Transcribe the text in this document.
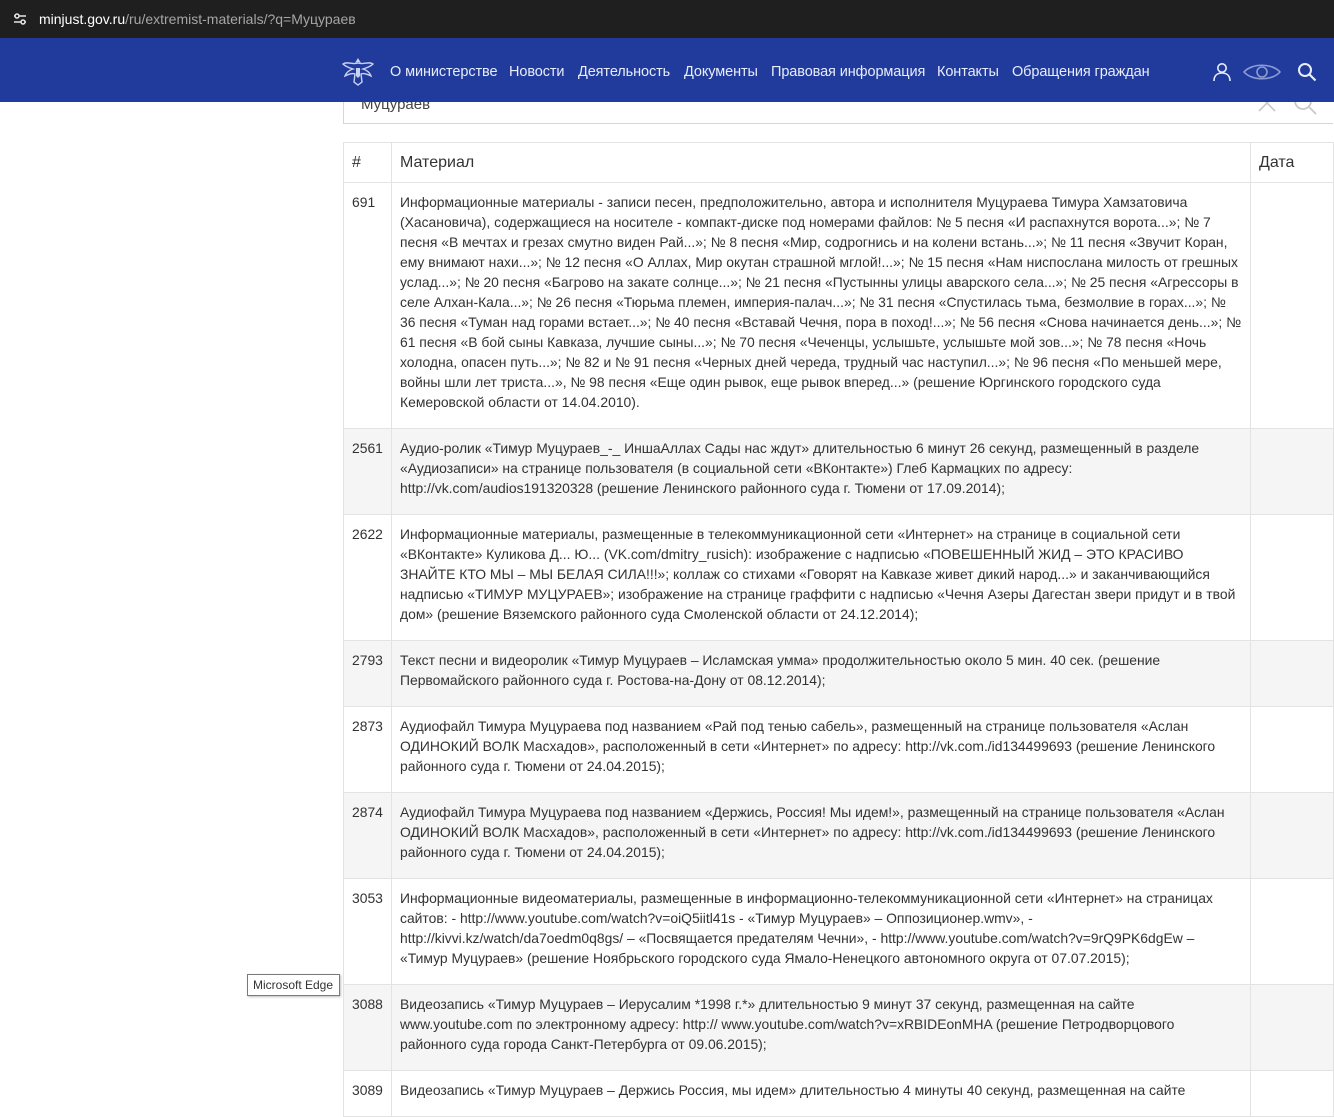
minjust.gov.ru/ru/extremist-materials/?q=Муцураев
О министерстве Новости Деятельность Документы Правовая информация Контакты Обращения граждан
Муцураев
#	Материал	Дата
691	Информационные материалы - записи песен, предположительно, автора и исполнителя Муцураева Тимура Хамзатовича (Хасановича), содержащиеся на носителе - компакт-диске под номерами файлов: № 5 песня «И распахнутся ворота...»; № 7 песня «В мечтах и грезах смутно виден Рай...»; № 8 песня «Мир, содрогнись и на колени встань...»; № 11 песня «Звучит Коран, ему внимают нахи...»; № 12 песня «О Аллах, Мир окутан страшной мглой!...»; № 15 песня «Нам ниспослана милость от грешных услад...»; № 20 песня «Багрово на закате солнце...»; № 21 песня «Пустынны улицы аварского села...»; № 25 песня «Агрессоры в селе Алхан-Кала...»; № 26 песня «Тюрьма племен, империя-палач...»; № 31 песня «Спустилась тьма, безмолвие в горах...»; № 36 песня «Туман над горами встает...»; № 40 песня «Вставай Чечня, пора в поход!...»; № 56 песня «Снова начинается день...»; № 61 песня «В бой сыны Кавказа, лучшие сыны...»; № 70 песня «Чеченцы, услышьте, услышьте мой зов...»; № 78 песня «Ночь холодна, опасен путь...»; № 82 и № 91 песня «Черных дней череда, трудный час наступил...»; № 96 песня «По меньшей мере, войны шли лет триста...», № 98 песня «Еще один рывок, еще рывок вперед...» (решение Юргинского городского суда Кемеровской области от 14.04.2010).	
2561	Аудио-ролик «Тимур Муцураев_-_ ИншаАллах Сады нас ждут» длительностью 6 минут 26 секунд, размещенный в разделе «Аудиозаписи» на странице пользователя (в социальной сети «ВКонтакте») Глеб Кармацких по адресу: http://vk.com/audios191320328 (решение Ленинского районного суда г. Тюмени от 17.09.2014);	
2622	Информационные материалы, размещенные в телекоммуникационной сети «Интернет» на странице в социальной сети «ВКонтакте» Куликова Д... Ю... (VK.com/dmitry_rusich): изображение с надписью «ПОВЕШЕННЫЙ ЖИД – ЭТО КРАСИВО ЗНАЙТЕ КТО МЫ – МЫ БЕЛАЯ СИЛА!!!»; коллаж со стихами «Говорят на Кавказе живет дикий народ...» и заканчивающийся надписью «ТИМУР МУЦУРАЕВ»; изображение на странице граффити с надписью «Чечня Азеры Дагестан звери придут и в твой дом» (решение Вяземского районного суда Смоленской области от 24.12.2014);	
2793	Текст песни и видеоролик «Тимур Муцураев – Исламская умма» продолжительностью около 5 мин. 40 сек. (решение Первомайского районного суда г. Ростова-на-Дону от 08.12.2014);	
2873	Аудиофайл Тимура Муцураева под названием «Рай под тенью сабель», размещенный на странице пользователя «Аслан ОДИНОКИЙ ВОЛК Масхадов», расположенный в сети «Интернет» по адресу: http://vk.com./id134499693 (решение Ленинского районного суда г. Тюмени от 24.04.2015);	
2874	Аудиофайл Тимура Муцураева под названием «Держись, Россия! Мы идем!», размещенный на странице пользователя «Аслан ОДИНОКИЙ ВОЛК Масхадов», расположенный в сети «Интернет» по адресу: http://vk.com./id134499693 (решение Ленинского районного суда г. Тюмени от 24.04.2015);	
3053	Информационные видеоматериалы, размещенные в информационно-телекоммуникационной сети «Интернет» на страницах сайтов: - http://www.youtube.com/watch?v=oiQ5iitl41s - «Тимур Муцураев» – Оппозиционер.wmv», - http://kivvi.kz/watch/da7oedm0q8gs/ – «Посвящается предателям Чечни», - http://www.youtube.com/watch?v=9rQ9PK6dgEw – «Тимур Муцураев» (решение Ноябрьского городского суда Ямало-Ненецкого автономного округа от 07.07.2015);	
3088	Видеозапись «Тимур Муцураев – Иерусалим *1998 г.*» длительностью 9 минут 37 секунд, размещенная на сайте www.youtube.com по электронному адресу: http:// www.youtube.com/watch?v=xRBIDEonMHA (решение Петродворцового районного суда города Санкт-Петербурга от 09.06.2015);	
3089	Видеозапись «Тимур Муцураев – Держись Россия, мы идем» длительностью 4 минуты 40 секунд, размещенная на сайте	
Microsoft Edge
